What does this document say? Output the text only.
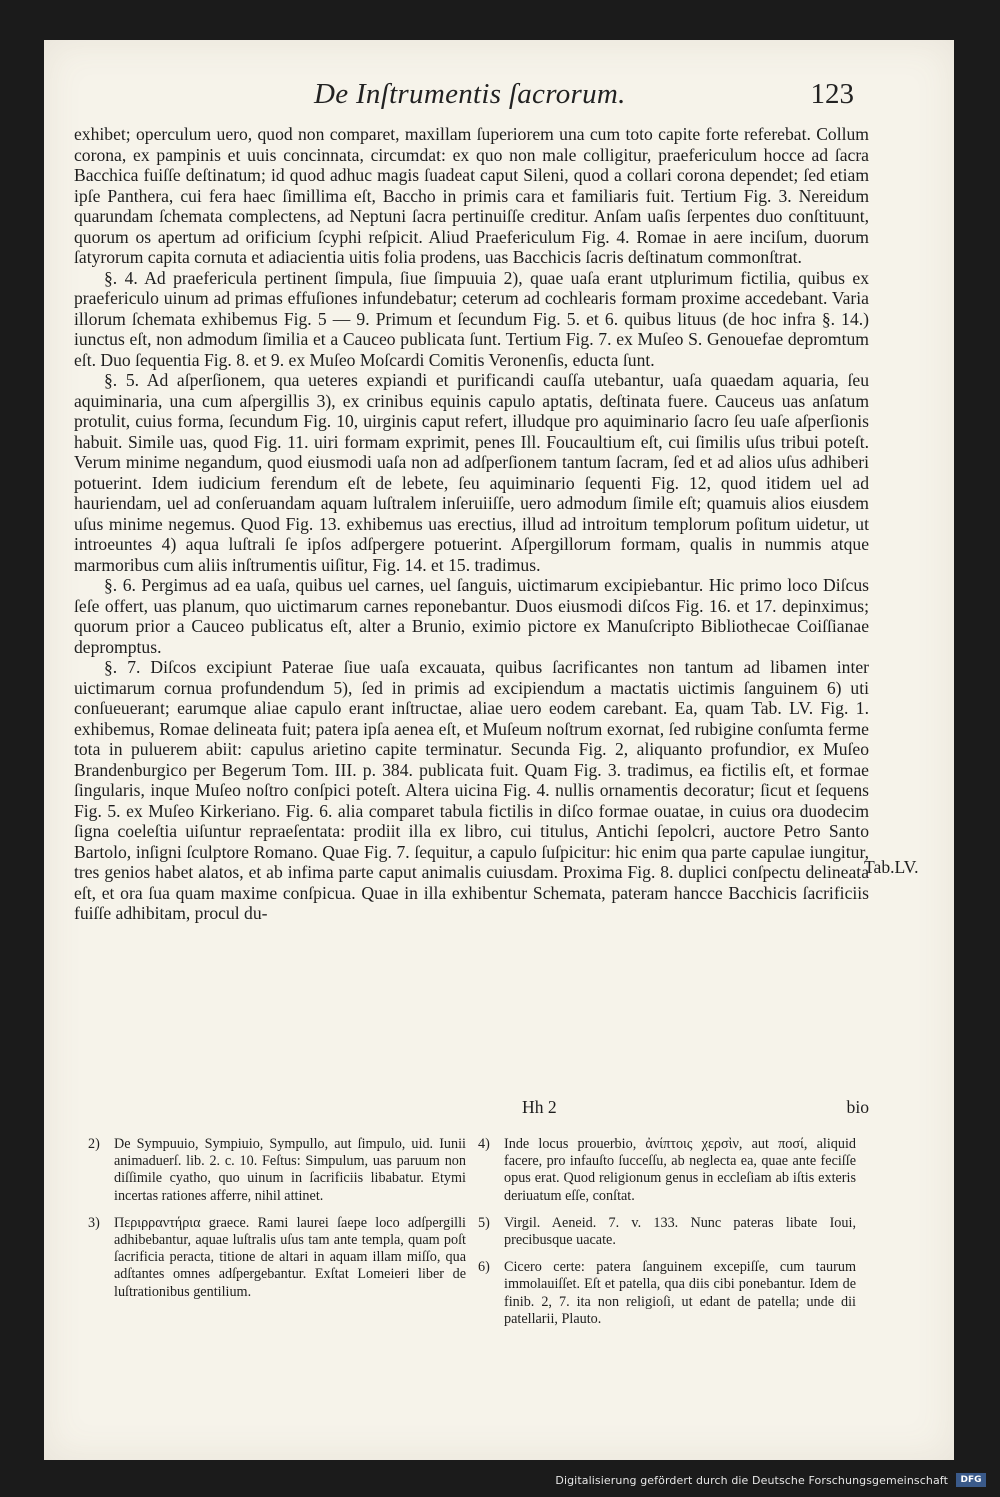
De Inſtrumentis ſacrorum.	123

exhibet; operculum uero, quod non comparet, maxillam ſuperiorem una cum toto capite forte referebat. Collum corona, ex pampinis et uuis concinnata, circumdat: ex quo non male colligitur, praefericulum hocce ad ſacra Bacchica fuiſſe deſtinatum; id quod adhuc magis ſuadeat caput Sileni, quod a collari corona dependet; ſed etiam ipſe Panthera, cui fera haec ſimillima eſt, Baccho in primis cara et familiaris fuit. Tertium Fig. 3. Nereidum quarundam ſchemata complectens, ad Neptuni ſacra pertinuiſſe creditur. Anſam uaſis ſerpentes duo conſtituunt, quorum os apertum ad orificium ſcyphi reſpicit. Aliud Praefericulum Fig. 4. Romae in aere inciſum, duorum ſatyrorum capita cornuta et adiacientia uitis folia prodens, uas Bacchicis ſacris deſtinatum commonſtrat.

§. 4. Ad praefericula pertinent ſimpula, ſiue ſimpuuia 2), quae uaſa erant utplurimum fictilia, quibus ex praefericulo uinum ad primas effuſiones infundebatur; ceterum ad cochlearis formam proxime accedebant. Varia illorum ſchemata exhibemus Fig. 5 — 9. Primum et ſecundum Fig. 5. et 6. quibus lituus (de hoc infra §. 14.) iunctus eſt, non admodum ſimilia et a Cauceo publicata ſunt. Tertium Fig. 7. ex Muſeo S. Genouefae depromtum eſt. Duo ſequentia Fig. 8. et 9. ex Muſeo Moſcardi Comitis Veronenſis, educta ſunt.

§. 5. Ad aſperſionem, qua ueteres expiandi et purificandi cauſſa utebantur, uaſa quaedam aquaria, ſeu aquiminaria, una cum aſpergillis 3), ex crinibus equinis capulo aptatis, deſtinata fuere. Cauceus uas anſatum protulit, cuius forma, ſecundum Fig. 10, uirginis caput refert, illudque pro aquiminario ſacro ſeu uaſe aſperſionis habuit. Simile uas, quod Fig. 11. uiri formam exprimit, penes Ill. Foucaultium eſt, cui ſimilis uſus tribui poteſt. Verum minime negandum, quod eiusmodi uaſa non ad adſperſionem tantum ſacram, ſed et ad alios uſus adhiberi potuerint. Idem iudicium ferendum eſt de lebete, ſeu aquiminario ſequenti Fig. 12, quod itidem uel ad hauriendam, uel ad conſeruandam aquam luſtralem inſeruiiſſe, uero admodum ſimile eſt; quamuis alios eiusdem uſus minime negemus. Quod Fig. 13. exhibemus uas erectius, illud ad introitum templorum poſitum uidetur, ut introeuntes 4) aqua luſtrali ſe ipſos adſpergere potuerint. Aſpergillorum formam, qualis in nummis atque marmoribus cum aliis inſtrumentis uiſitur, Fig. 14. et 15. tradimus.

§. 6. Pergimus ad ea uaſa, quibus uel carnes, uel ſanguis, uictimarum excipiebantur. Hic primo loco Diſcus ſeſe offert, uas planum, quo uictimarum carnes reponebantur. Duos eiusmodi diſcos Fig. 16. et 17. depinximus; quorum prior a Cauceo publicatus eſt, alter a Brunio, eximio pictore ex Manuſcripto Bibliothecae Coiſſianae depromptus.

§. 7. Diſcos excipiunt Paterae ſiue uaſa excauata, quibus ſacrificantes non tantum ad libamen inter uictimarum cornua profundendum 5), ſed in primis ad excipiendum a mactatis uictimis ſanguinem 6) uti conſueuerant; earumque aliae capulo erant inſtructae, aliae uero eodem carebant. Ea, quam Tab. LV. Fig. 1. exhibemus, Romae delineata fuit; patera ipſa aenea eſt, et Muſeum noſtrum exornat, ſed rubigine conſumta ferme tota in puluerem abiit: capulus arietino capite terminatur. Secunda Fig. 2, aliquanto profundior, ex Muſeo Brandenburgico per Begerum Tom. III. p. 384. publicata fuit. Quam Fig. 3. tradimus, ea fictilis eſt, et formae ſingularis, inque Muſeo noſtro conſpici poteſt. Altera uicina Fig. 4. nullis ornamentis decoratur; ſicut et ſequens Fig. 5. ex Muſeo Kirkeriano. Fig. 6. alia comparet tabula fictilis in diſco formae ouatae, in cuius ora duodecim ſigna coeleſtia uiſuntur repraeſentata: prodiit illa ex libro, cui titulus, Antichi ſepolcri, auctore Petro Santo Bartolo, inſigni ſculptore Romano. Quae Fig. 7. ſequitur, a capulo ſuſpicitur: hic enim qua parte capulae iungitur, tres genios habet alatos, et ab infima parte caput animalis cuiusdam. Proxima Fig. 8. duplici conſpectu delineata eſt, et ora ſua quam maxime conſpicua. Quae in illa exhibentur Schemata, pateram hancce Bacchicis ſacrificiis fuiſſe adhibitam, procul du-

Tab.LV.
Hh 2	bio
2) De Sympuuio, Sympiuio, Sympullo, aut ſimpulo, uid. Iunii animaduerſ. lib. 2. c. 10. Feſtus: Simpulum, uas paruum non diſſimile cyatho, quo uinum in ſacrificiis libabatur. Etymi incertas rationes afferre, nihil attinet.
3) Περιρραντήρια graece. Rami laurei ſaepe loco adſpergilli adhibebantur, aquae luſtralis uſus tam ante templa, quam poſt ſacrificia peracta, titione de altari in aquam illam miſſo, qua adſtantes omnes adſpergebantur. Exſtat Lomeieri liber de luſtrationibus gentilium.
4) Inde locus prouerbio, ἀνίπτοις χερσὶν, aut ποσί, aliquid facere, pro infauſto ſucceſſu, ab neglecta ea, quae ante feciſſe opus erat. Quod religionum genus in eccleſiam ab iſtis exteris deriuatum eſſe, conſtat.
5) Virgil. Aeneid. 7. v. 133. Nunc pateras libate Ioui, precibusque uacate.
6) Cicero certe: patera ſanguinem excepiſſe, cum taurum immolauiſſet. Eſt et patella, qua diis cibi ponebantur. Idem de finib. 2, 7. ita non religioſi, ut edant de patella; unde dii patellarii, Plauto.
Digitalisierung gefördert durch die Deutsche Forschungsgemeinschaft	DFG
